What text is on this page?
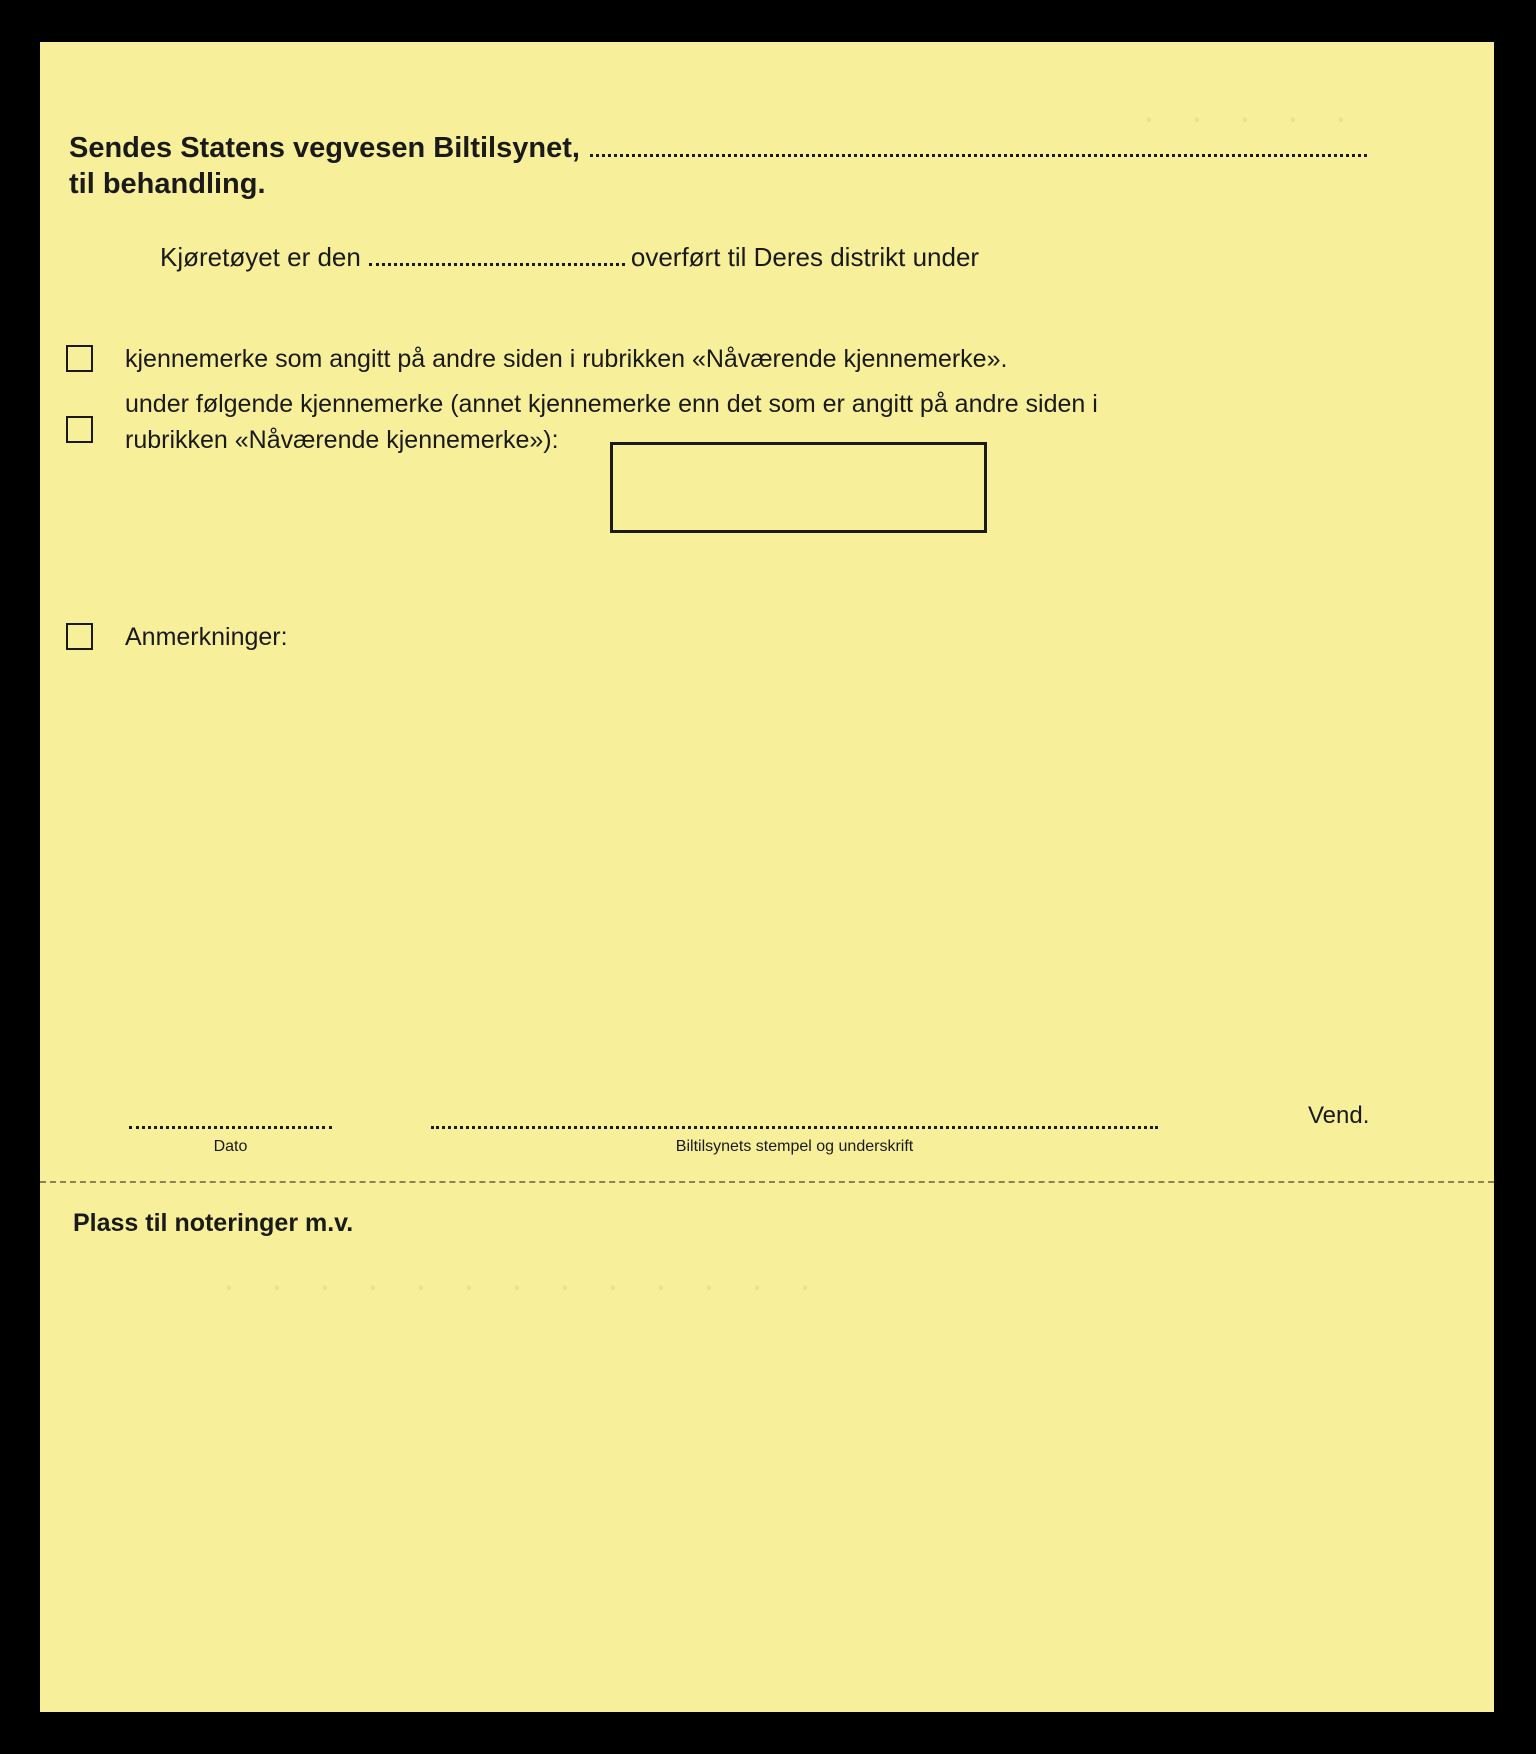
· · · · ·
· · · · · · · · · · · · ·
Sendes Statens vegvesen Biltilsynet,
til behandling.
Kjøretøyet er den	overført til Deres distrikt under
kjennemerke som angitt på andre siden i rubrikken «Nåværende kjennemerke».
under følgende kjennemerke (annet kjennemerke enn det som er angitt på andre siden i
rubrikken «Nåværende kjennemerke»):
Anmerkninger:
Dato	Biltilsynets stempel og underskrift
Vend.
Plass til noteringer m.v.
